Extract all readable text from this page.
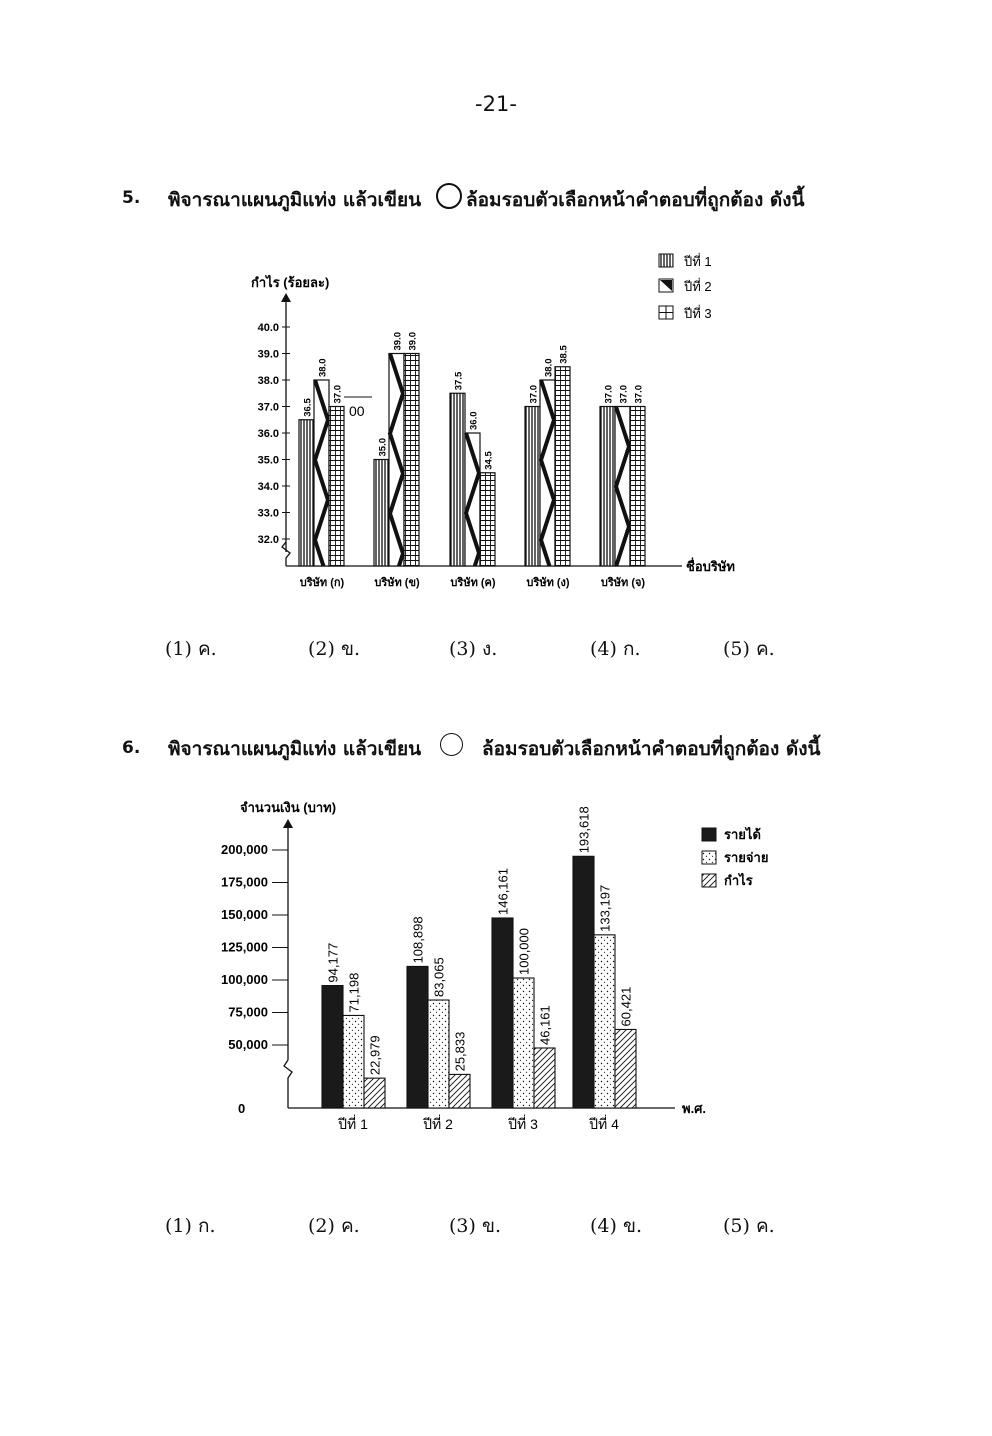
-21-
5. พิจารณาแผนภูมิแท่ง แล้วเขียน ล้อมรอบตัวเลือกหน้าคำตอบที่ถูกต้อง ดังนี้
6. พิจารณาแผนภูมิแท่ง แล้วเขียน	ล้อมรอบตัวเลือกหน้าคำตอบที่ถูกต้อง ดังนี้
กำไร (ร้อยละ)
ชื่อบริษัท
00
32.0
33.0
34.0
35.0
36.0
37.0
38.0
39.0
40.0
36.5
38.0
37.0
35.0
39.0 39.0
37.5
36.0
34.5
37.0
38.0
38.5
37.0 37.0 37.0
บริษัท (ก)	บริษัท (ข)	บริษัท (ค)	บริษัท (ง)	บริษัท (จ)
ปีที่ 1
ปีที่ 2
ปีที่ 3
จำนวนเงิน (บาท)
พ.ศ.
0
50,000
75,000
100,000
125,000
150,000
175,000
200,000
94,177
71,198
22,979
108,898
83,065
25,833
146,161
100,000
46,161
193,618
133,197
60,421
ปีที่ 1	ปีที่ 2	ปีที่ 3	ปีที่ 4
รายได้
รายจ่าย
กำไร
(1) ค.	(2) ข.	(3) ง.	(4) ก.	(5) ค.
(1) ก.	(2) ค.	(3) ข.	(4) ข.	(5) ค.
